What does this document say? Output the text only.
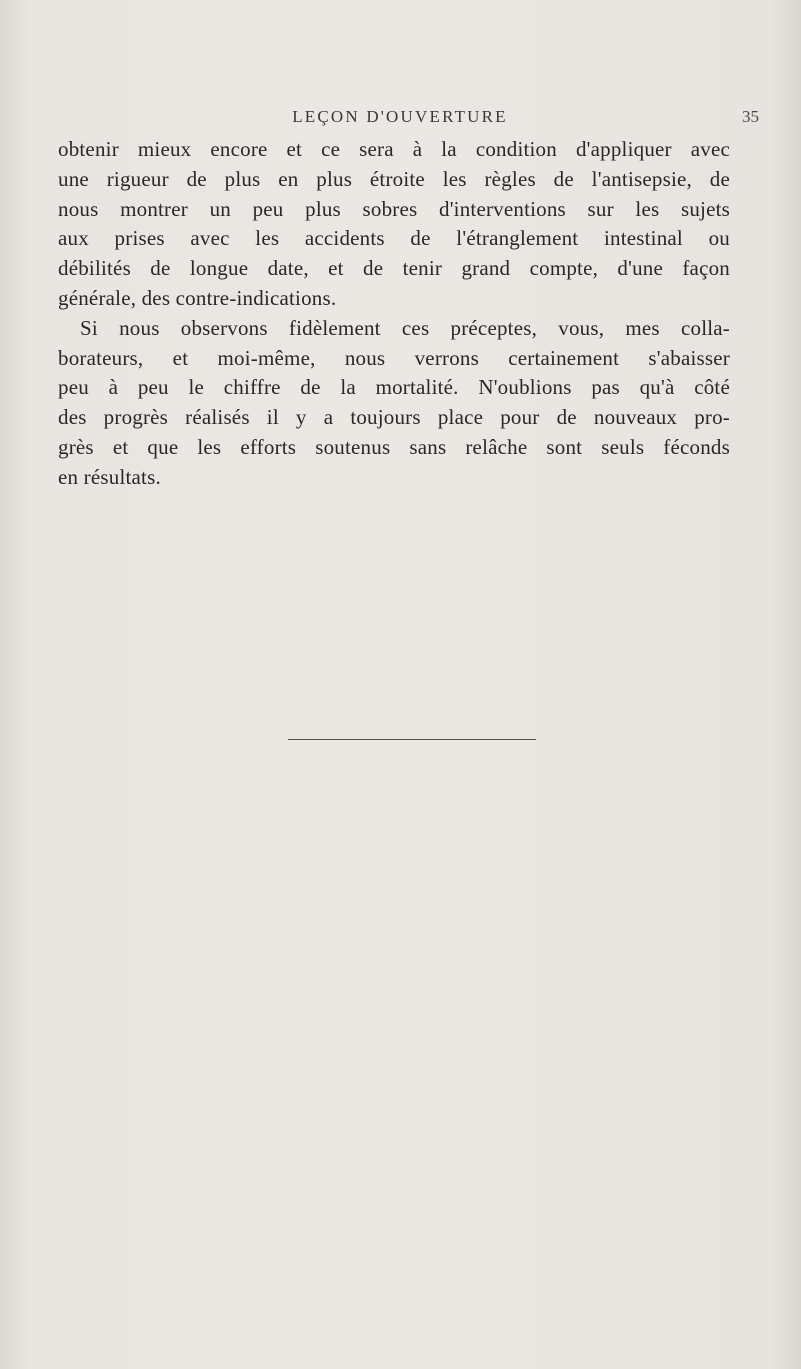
LEÇON D'OUVERTURE	35
obtenir mieux encore et ce sera à la condition d'appliquer avec
une rigueur de plus en plus étroite les règles de l'antisepsie, de
nous montrer un peu plus sobres d'interventions sur les sujets
aux prises avec les accidents de l'étranglement intestinal ou
débilités de longue date, et de tenir grand compte, d'une façon
générale, des contre-indications.
Si nous observons fidèlement ces préceptes, vous, mes colla-
borateurs, et moi-même, nous verrons certainement s'abaisser
peu à peu le chiffre de la mortalité. N'oublions pas qu'à côté
des progrès réalisés il y a toujours place pour de nouveaux pro-
grès et que les efforts soutenus sans relâche sont seuls féconds
en résultats.
